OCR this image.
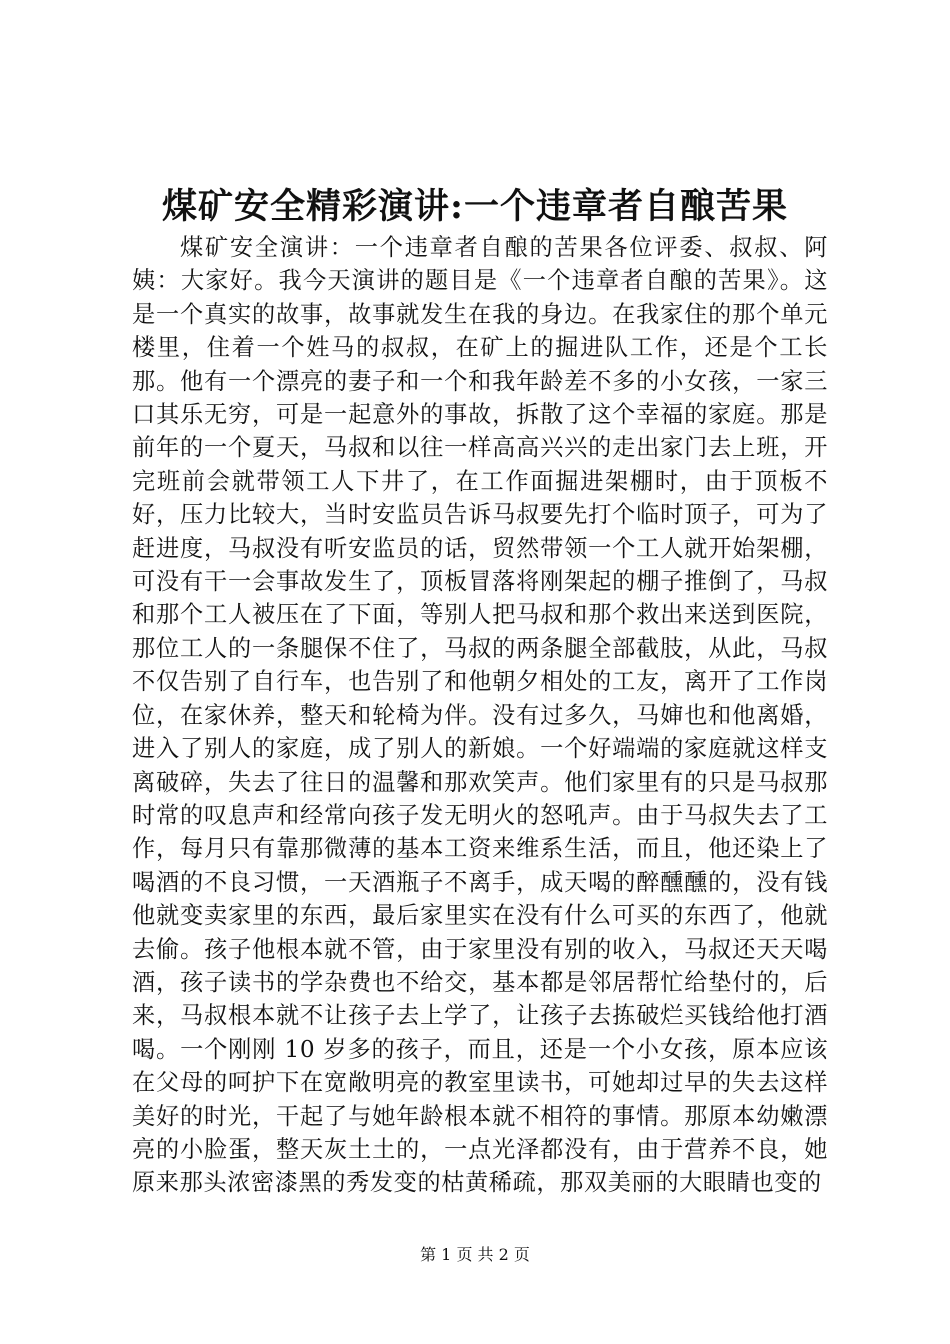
煤矿安全精彩演讲:一个违章者自酿苦果

煤矿安全演讲：一个违章者自酿的苦果各位评委、叔叔、阿姨：大家好。我今天演讲的题目是《一个违章者自酿的苦果》。这是一个真实的故事，故事就发生在我的身边。在我家住的那个单元楼里，住着一个姓马的叔叔，在矿上的掘进队工作，还是个工长那。他有一个漂亮的妻子和一个和我年龄差不多的小女孩，一家三口其乐无穷，可是一起意外的事故，拆散了这个幸福的家庭。那是前年的一个夏天，马叔和以往一样高高兴兴的走出家门去上班，开完班前会就带领工人下井了，在工作面掘进架棚时，由于顶板不好，压力比较大，当时安监员告诉马叔要先打个临时顶子，可为了赶进度，马叔没有听安监员的话，贸然带领一个工人就开始架棚，可没有干一会事故发生了，顶板冒落将刚架起的棚子推倒了，马叔和那个工人被压在了下面，等别人把马叔和那个救出来送到医院，那位工人的一条腿保不住了，马叔的两条腿全部截肢，从此，马叔不仅告别了自行车，也告别了和他朝夕相处的工友，离开了工作岗位，在家休养，整天和轮椅为伴。没有过多久，马婶也和他离婚，进入了别人的家庭，成了别人的新娘。一个好端端的家庭就这样支离破碎，失去了往日的温馨和那欢笑声。他们家里有的只是马叔那时常的叹息声和经常向孩子发无明火的怒吼声。由于马叔失去了工作，每月只有靠那微薄的基本工资来维系生活，而且，他还染上了喝酒的不良习惯，一天酒瓶子不离手，成天喝的醉醺醺的，没有钱他就变卖家里的东西，最后家里实在没有什么可买的东西了，他就去偷。孩子他根本就不管，由于家里没有别的收入，马叔还天天喝酒，孩子读书的学杂费也不给交，基本都是邻居帮忙给垫付的，后来，马叔根本就不让孩子去上学了，让孩子去拣破烂买钱给他打酒喝。一个刚刚 10 岁多的孩子，而且，还是一个小女孩，原本应该在父母的呵护下在宽敞明亮的教室里读书，可她却过早的失去这样美好的时光，干起了与她年龄根本就不相符的事情。那原本幼嫩漂亮的小脸蛋，整天灰土土的，一点光泽都没有，由于营养不良，她原来那头浓密漆黑的秀发变的枯黄稀疏，那双美丽的大眼睛也变的

第 1 页 共 2 页
